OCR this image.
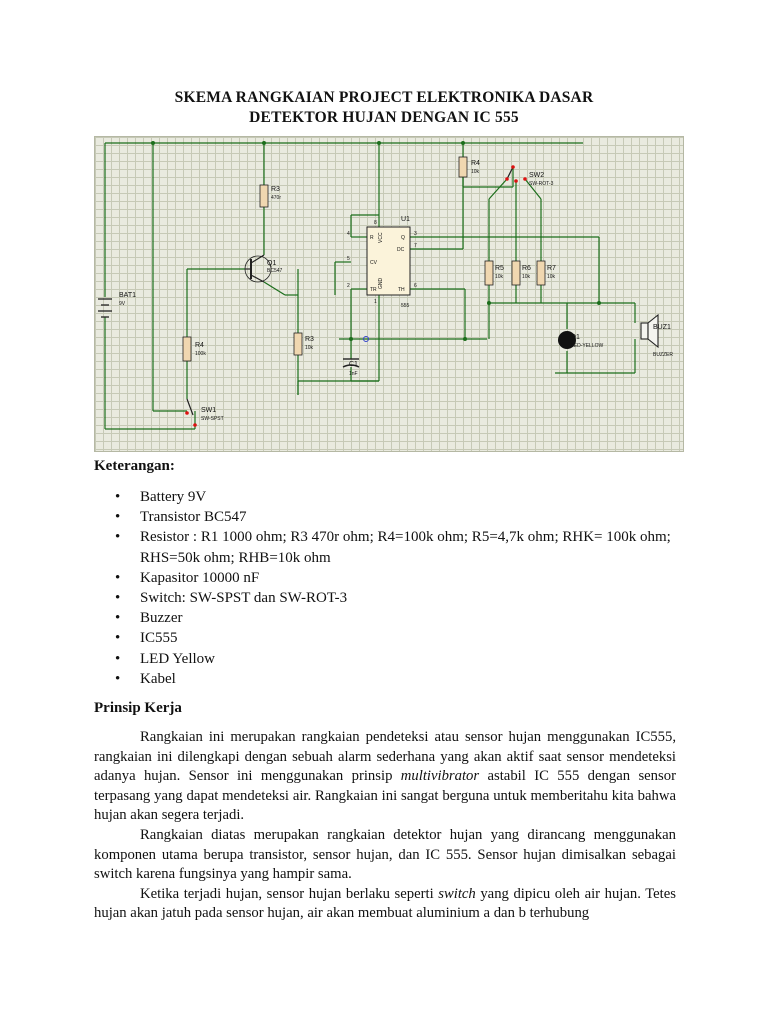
SKEMA RANGKAIAN PROJECT ELEKTRONIKA DASAR
DETEKTOR HUJAN DENGAN IC 555
BAT1
9V
R3
470r
R4
100k
R3
10k
R4
10k
R5
10k
R6
10k
R7
10k
Q1
BC547
SW1
SW-SPST
C1
1nF
U1
555
R	Q
DC
CV
TR	TH
VCC
GND
4
8
3
7
5
2	6
1
SW2
SW-ROT-3
D1
LED-YELLOW
BUZ1
BUZZER
Keterangan:
• Battery 9V
• Transistor BC547
• Resistor : R1 1000 ohm; R3 470r ohm; R4=100k ohm; R5=4,7k ohm; RHK= 100k ohm; RHS=50k ohm; RHB=10k ohm
• Kapasitor 10000 nF
• Switch: SW-SPST dan SW-ROT-3
• Buzzer
• IC555
• LED Yellow
• Kabel
Prinsip Kerja

Rangkaian ini merupakan rangkaian pendeteksi atau sensor hujan menggunakan IC555, rangkaian ini dilengkapi dengan sebuah alarm sederhana yang akan aktif saat sensor mendeteksi adanya hujan. Sensor ini menggunakan prinsip multivibrator astabil IC 555 dengan sensor terpasang yang dapat mendeteksi air. Rangkaian ini sangat berguna untuk memberitahu kita bahwa hujan akan segera terjadi.

Rangkaian diatas merupakan rangkaian detektor hujan yang dirancang menggunakan komponen utama berupa transistor, sensor hujan, dan IC 555. Sensor hujan dimisalkan sebagai switch karena fungsinya yang hampir sama.

Ketika terjadi hujan, sensor hujan berlaku seperti switch yang dipicu oleh air hujan. Tetes hujan akan jatuh pada sensor hujan, air akan membuat aluminium a dan b terhubung
